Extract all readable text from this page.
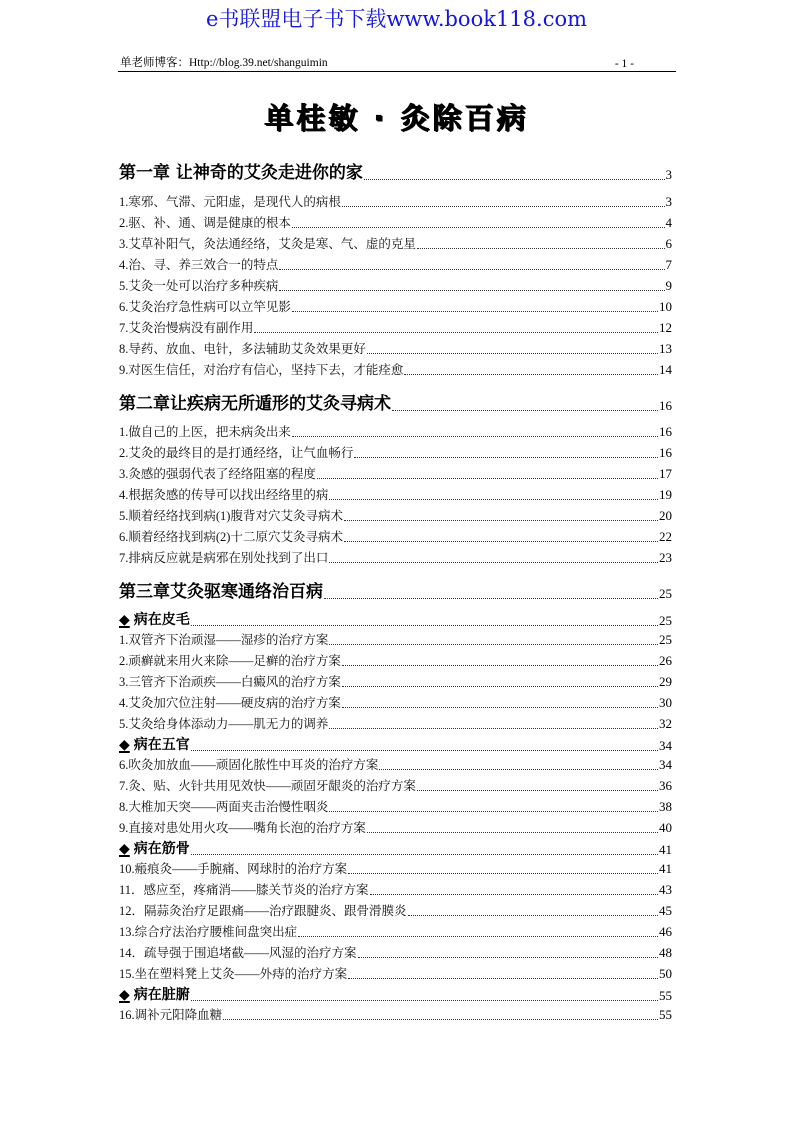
e书联盟电子书下载www.book118.com
单老师博客：Http://blog.39.net/shanguimin	- 1 -
单桂敏 · 灸除百病
第一章 让神奇的艾灸走进你的家	3
1.寒邪、气滞、元阳虚，是现代人的病根	3
2.驱、补、通、调是健康的根本	4
3.艾草补阳气，灸法通经络，艾灸是寒、气、虚的克星	6
4.治、寻、养三效合一的特点	7
5.艾灸一处可以治疗多种疾病	9
6.艾灸治疗急性病可以立竿见影	10
7.艾灸治慢病没有副作用	12
8.导药、放血、电针，多法辅助艾灸效果更好	13
9.对医生信任，对治疗有信心，坚持下去，才能痊愈	14
第二章让疾病无所遁形的艾灸寻病术	16
1.做自己的上医，把未病灸出来	16
2.艾灸的最终目的是打通经络，让气血畅行	16
3.灸感的强弱代表了经络阻塞的程度	17
4.根据灸感的传导可以找出经络里的病	19
5.顺着经络找到病(1)腹背对穴艾灸寻病术	20
6.顺着经络找到病(2)十二原穴艾灸寻病术	22
7.排病反应就是病邪在别处找到了出口	23
第三章艾灸驱寒通络治百病	25
◆ 病在皮毛	25
1.双管齐下治顽湿——湿疹的治疗方案	25
2.顽癣就来用火来除——足癣的治疗方案	26
3.三管齐下治顽疾——白癜风的治疗方案	29
4.艾灸加穴位注射——硬皮病的治疗方案	30
5.艾灸给身体添动力——肌无力的调养	32
◆ 病在五官	34
6.吹灸加放血——顽固化脓性中耳炎的治疗方案	34
7.灸、贴、火针共用见效快——顽固牙龈炎的治疗方案	36
8.大椎加天突——两面夹击治慢性咽炎	38
9.直接对患处用火攻——嘴角长泡的治疗方案	40
◆ 病在筋骨	41
10.瘢痕灸——手腕痛、网球肘的治疗方案	41
11．感应至，疼痛消——膝关节炎的治疗方案	43
12．隔蒜灸治疗足跟痛——治疗跟腱炎、跟骨滑膜炎	45
13.综合疗法治疗腰椎间盘突出症	46
14．疏导强于围追堵截——风湿的治疗方案	48
15.坐在塑料凳上艾灸——外痔的治疗方案	50
◆ 病在脏腑	55
16.调补元阳降血糖	55
